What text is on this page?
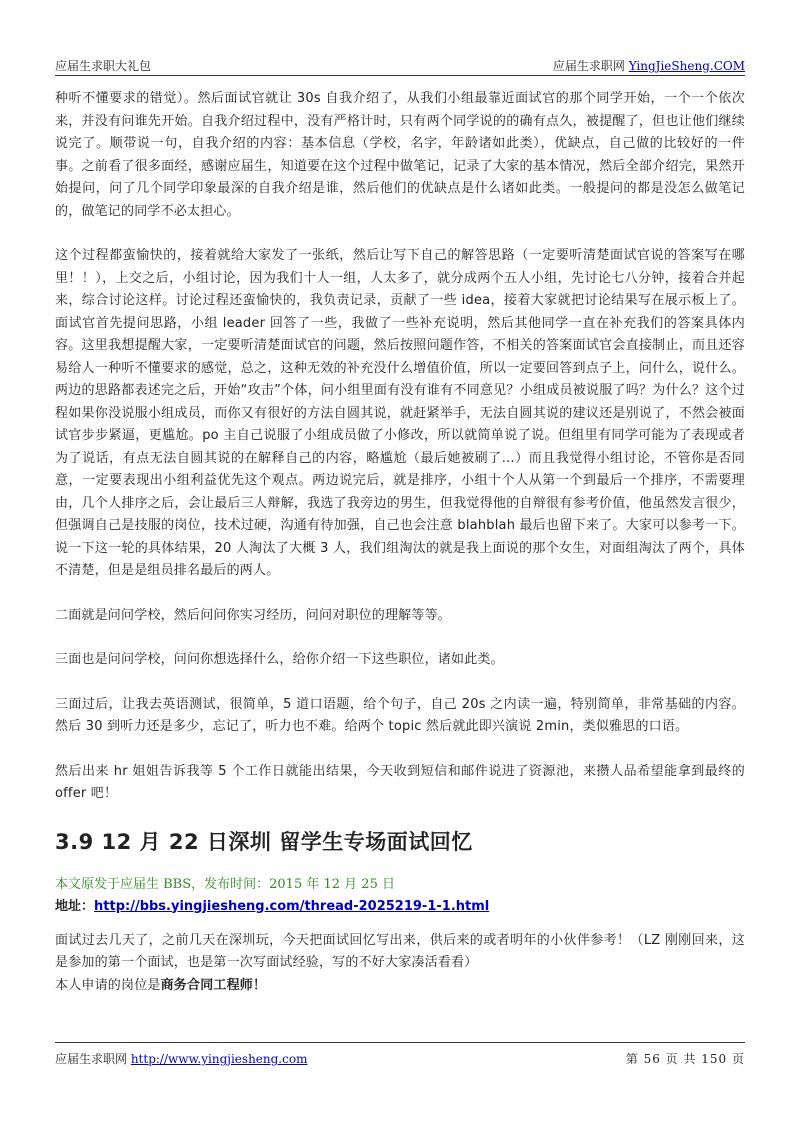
应届生求职大礼包	应届生求职网 YingJieSheng.COM

种听不懂要求的错觉）。然后面试官就让 30s 自我介绍了，从我们小组最靠近面试官的那个同学开始，一个一个依次来，并没有问谁先开始。自我介绍过程中，没有严格计时，只有两个同学说的的确有点久，被提醒了，但也让他们继续说完了。顺带说一句，自我介绍的内容：基本信息（学校，名字，年龄诸如此类），优缺点，自己做的比较好的一件事。之前看了很多面经，感谢应届生，知道要在这个过程中做笔记，记录了大家的基本情况，然后全部介绍完，果然开始提问，问了几个同学印象最深的自我介绍是谁，然后他们的优缺点是什么诸如此类。一般提问的都是没怎么做笔记的，做笔记的同学不必太担心。

这个过程都蛮愉快的，接着就给大家发了一张纸，然后让写下自己的解答思路（一定要听清楚面试官说的答案写在哪里！！），上交之后，小组讨论，因为我们十人一组，人太多了，就分成两个五人小组，先讨论七八分钟，接着合并起来，综合讨论这样。讨论过程还蛮愉快的，我负责记录，贡献了一些 idea，接着大家就把讨论结果写在展示板上了。面试官首先提问思路，小组 leader 回答了一些，我做了一些补充说明，然后其他同学一直在补充我们的答案具体内容。这里我想提醒大家，一定要听清楚面试官的问题，然后按照问题作答，不相关的答案面试官会直接制止，而且还容易给人一种听不懂要求的感觉，总之，这种无效的补充没什么增值价值，所以一定要回答到点子上，问什么，说什么。两边的思路都表述完之后，开始“攻击”个体，问小组里面有没有谁有不同意见？小组成员被说服了吗？为什么？这个过程如果你没说服小组成员，而你又有很好的方法自圆其说，就赶紧举手，无法自圆其说的建议还是别说了，不然会被面试官步步紧逼，更尴尬。po 主自己说服了小组成员做了小修改，所以就简单说了说。但组里有同学可能为了表现或者为了说话，有点无法自圆其说的在解释自己的内容，略尴尬（最后她被刷了…）而且我觉得小组讨论，不管你是否同意，一定要表现出小组利益优先这个观点。两边说完后，就是排序，小组十个人从第一个到最后一个排序，不需要理由，几个人排序之后，会让最后三人辩解，我选了我旁边的男生，但我觉得他的自辩很有参考价值，他虽然发言很少，但强调自己是技服的岗位，技术过硬，沟通有待加强，自己也会注意 blahblah 最后也留下来了。大家可以参考一下。说一下这一轮的具体结果，20 人淘汰了大概 3 人，我们组淘汰的就是我上面说的那个女生，对面组淘汰了两个，具体不清楚，但是是组员排名最后的两人。

二面就是问问学校，然后问问你实习经历，问问对职位的理解等等。

三面也是问问学校，问问你想选择什么，给你介绍一下这些职位，诸如此类。

三面过后，让我去英语测试，很简单，5 道口语题，给个句子，自己 20s 之内读一遍，特别简单，非常基础的内容。然后 30 到听力还是多少，忘记了，听力也不难。给两个 topic 然后就此即兴演说 2min，类似雅思的口语。

然后出来 hr 姐姐告诉我等 5 个工作日就能出结果，今天收到短信和邮件说进了资源池，来攒人品希望能拿到最终的 offer 吧！

3.9 12 月 22 日深圳 留学生专场面试回忆

本文原发于应届生 BBS，发布时间：2015 年 12 月 25 日

地址：http://bbs.yingjiesheng.com/thread-2025219-1-1.html

面试过去几天了，之前几天在深圳玩，今天把面试回忆写出来，供后来的或者明年的小伙伴参考！（LZ 刚刚回来，这是参加的第一个面试，也是第一次写面试经验，写的不好大家凑活看看）

本人申请的岗位是商务合同工程师！

应届生求职网 http://www.yingjiesheng.com	第 56 页 共 150 页
